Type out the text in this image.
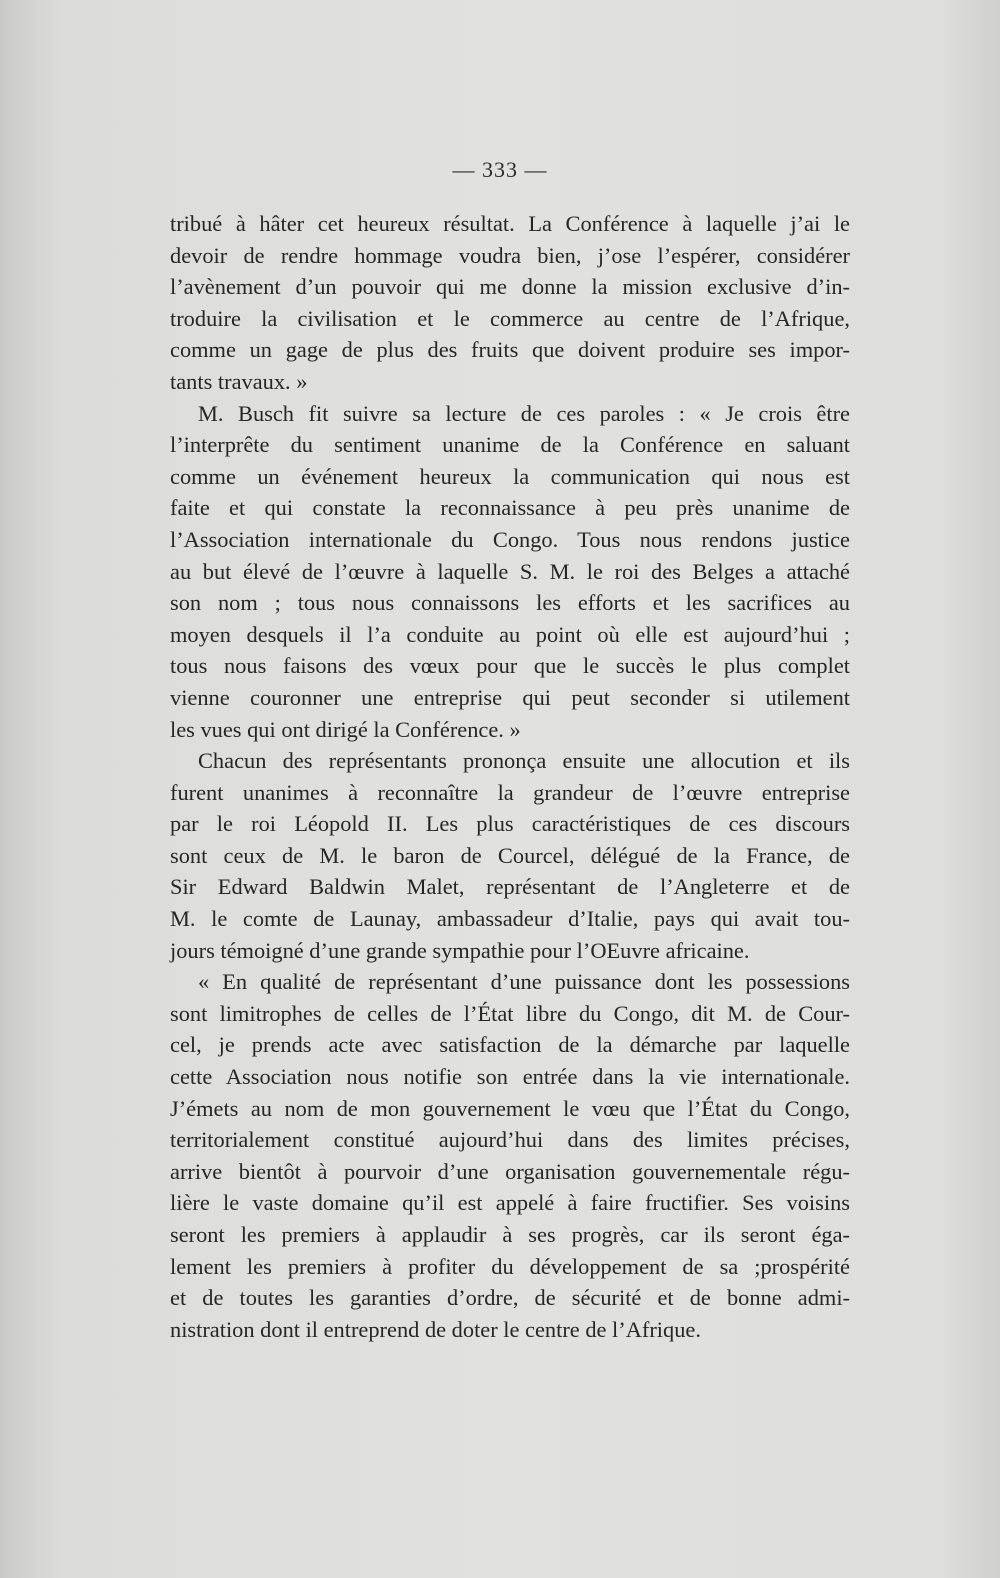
— 333 —
tribué à hâter cet heureux résultat. La Conférence à laquelle j’ai le
devoir de rendre hommage voudra bien, j’ose l’espérer, considérer
l’avènement d’un pouvoir qui me donne la mission exclusive d’in-
troduire la civilisation et le commerce au centre de l’Afrique,
comme un gage de plus des fruits que doivent produire ses impor-
tants travaux. »
M. Busch fit suivre sa lecture de ces paroles : « Je crois être
l’interprête du sentiment unanime de la Conférence en saluant
comme un événement heureux la communication qui nous est
faite et qui constate la reconnaissance à peu près unanime de
l’Association internationale du Congo. Tous nous rendons justice
au but élevé de l’œuvre à laquelle S. M. le roi des Belges a attaché
son nom ; tous nous connaissons les efforts et les sacrifices au
moyen desquels il l’a conduite au point où elle est aujourd’hui ;
tous nous faisons des vœux pour que le succès le plus complet
vienne couronner une entreprise qui peut seconder si utilement
les vues qui ont dirigé la Conférence. »
Chacun des représentants prononça ensuite une allocution et ils
furent unanimes à reconnaître la grandeur de l’œuvre entreprise
par le roi Léopold II. Les plus caractéristiques de ces discours
sont ceux de M. le baron de Courcel, délégué de la France, de
Sir Edward Baldwin Malet, représentant de l’Angleterre et de
M. le comte de Launay, ambassadeur d’Italie, pays qui avait tou-
jours témoigné d’une grande sympathie pour l’OEuvre africaine.
« En qualité de représentant d’une puissance dont les possessions
sont limitrophes de celles de l’État libre du Congo, dit M. de Cour-
cel, je prends acte avec satisfaction de la démarche par laquelle
cette Association nous notifie son entrée dans la vie internationale.
J’émets au nom de mon gouvernement le vœu que l’État du Congo,
territorialement constitué aujourd’hui dans des limites précises,
arrive bientôt à pourvoir d’une organisation gouvernementale régu-
lière le vaste domaine qu’il est appelé à faire fructifier. Ses voisins
seront les premiers à applaudir à ses progrès, car ils seront éga-
lement les premiers à profiter du développement de sa ;prospérité
et de toutes les garanties d’ordre, de sécurité et de bonne admi-
nistration dont il entreprend de doter le centre de l’Afrique.
